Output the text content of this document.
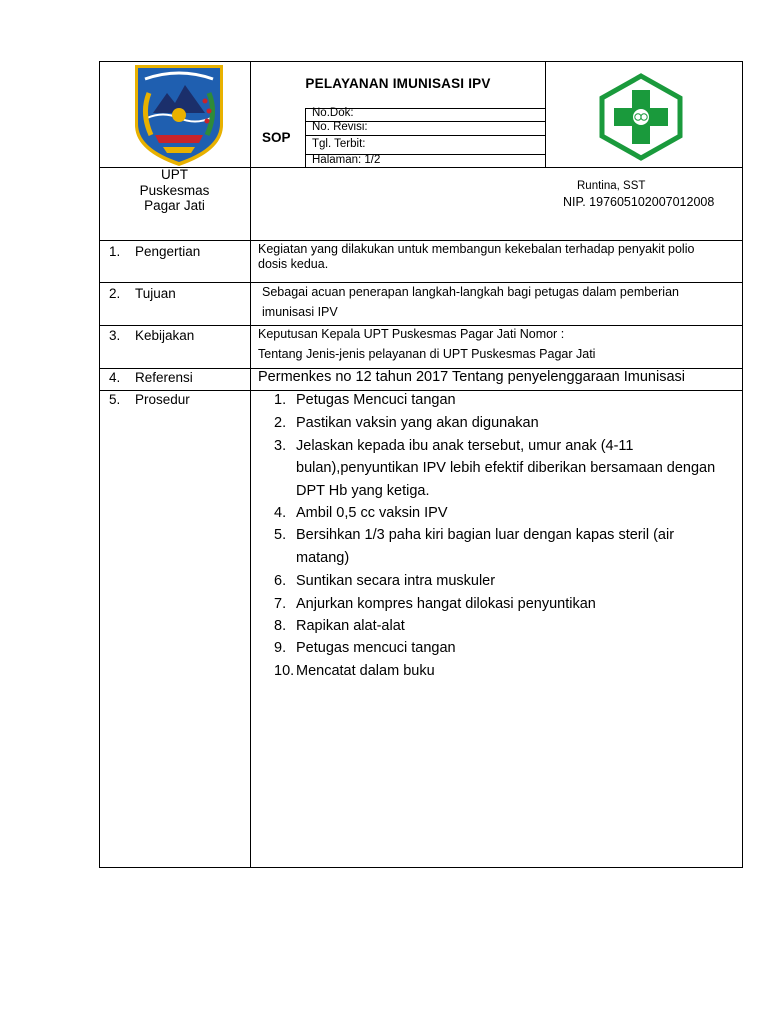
PELAYANAN IMUNISASI IPV
SOP
No.Dok:
No. Revisi:
Tgl. Terbit:
Halaman: 1/2
UPT
Puskesmas
Pagar Jati
Runtina, SST
NIP. 197605102007012008
1. Pengertian	Kegiatan yang dilakukan untuk membangun kekebalan terhadap penyakit polio
dosis kedua.
2. Tujuan	Sebagai acuan penerapan langkah-langkah bagi petugas dalam pemberian
imunisasi IPV
3. Kebijakan	Keputusan Kepala UPT Puskesmas Pagar Jati Nomor :
Tentang Jenis-jenis pelayanan di UPT Puskesmas Pagar Jati
4. Referensi	Permenkes no 12 tahun 2017 Tentang penyelenggaraan Imunisasi
5. Prosedur	1. Petugas Mencuci tangan
2. Pastikan vaksin yang akan digunakan
3. Jelaskan kepada ibu anak tersebut, umur anak (4-11
bulan),penyuntikan IPV lebih efektif diberikan bersamaan dengan
DPT Hb yang ketiga.
4. Ambil 0,5 cc vaksin IPV
5. Bersihkan 1/3 paha kiri bagian luar dengan kapas steril (air
matang)
6. Suntikan secara intra muskuler
7. Anjurkan kompres hangat dilokasi penyuntikan
8. Rapikan alat-alat
9. Petugas mencuci tangan
10. Mencatat dalam buku
